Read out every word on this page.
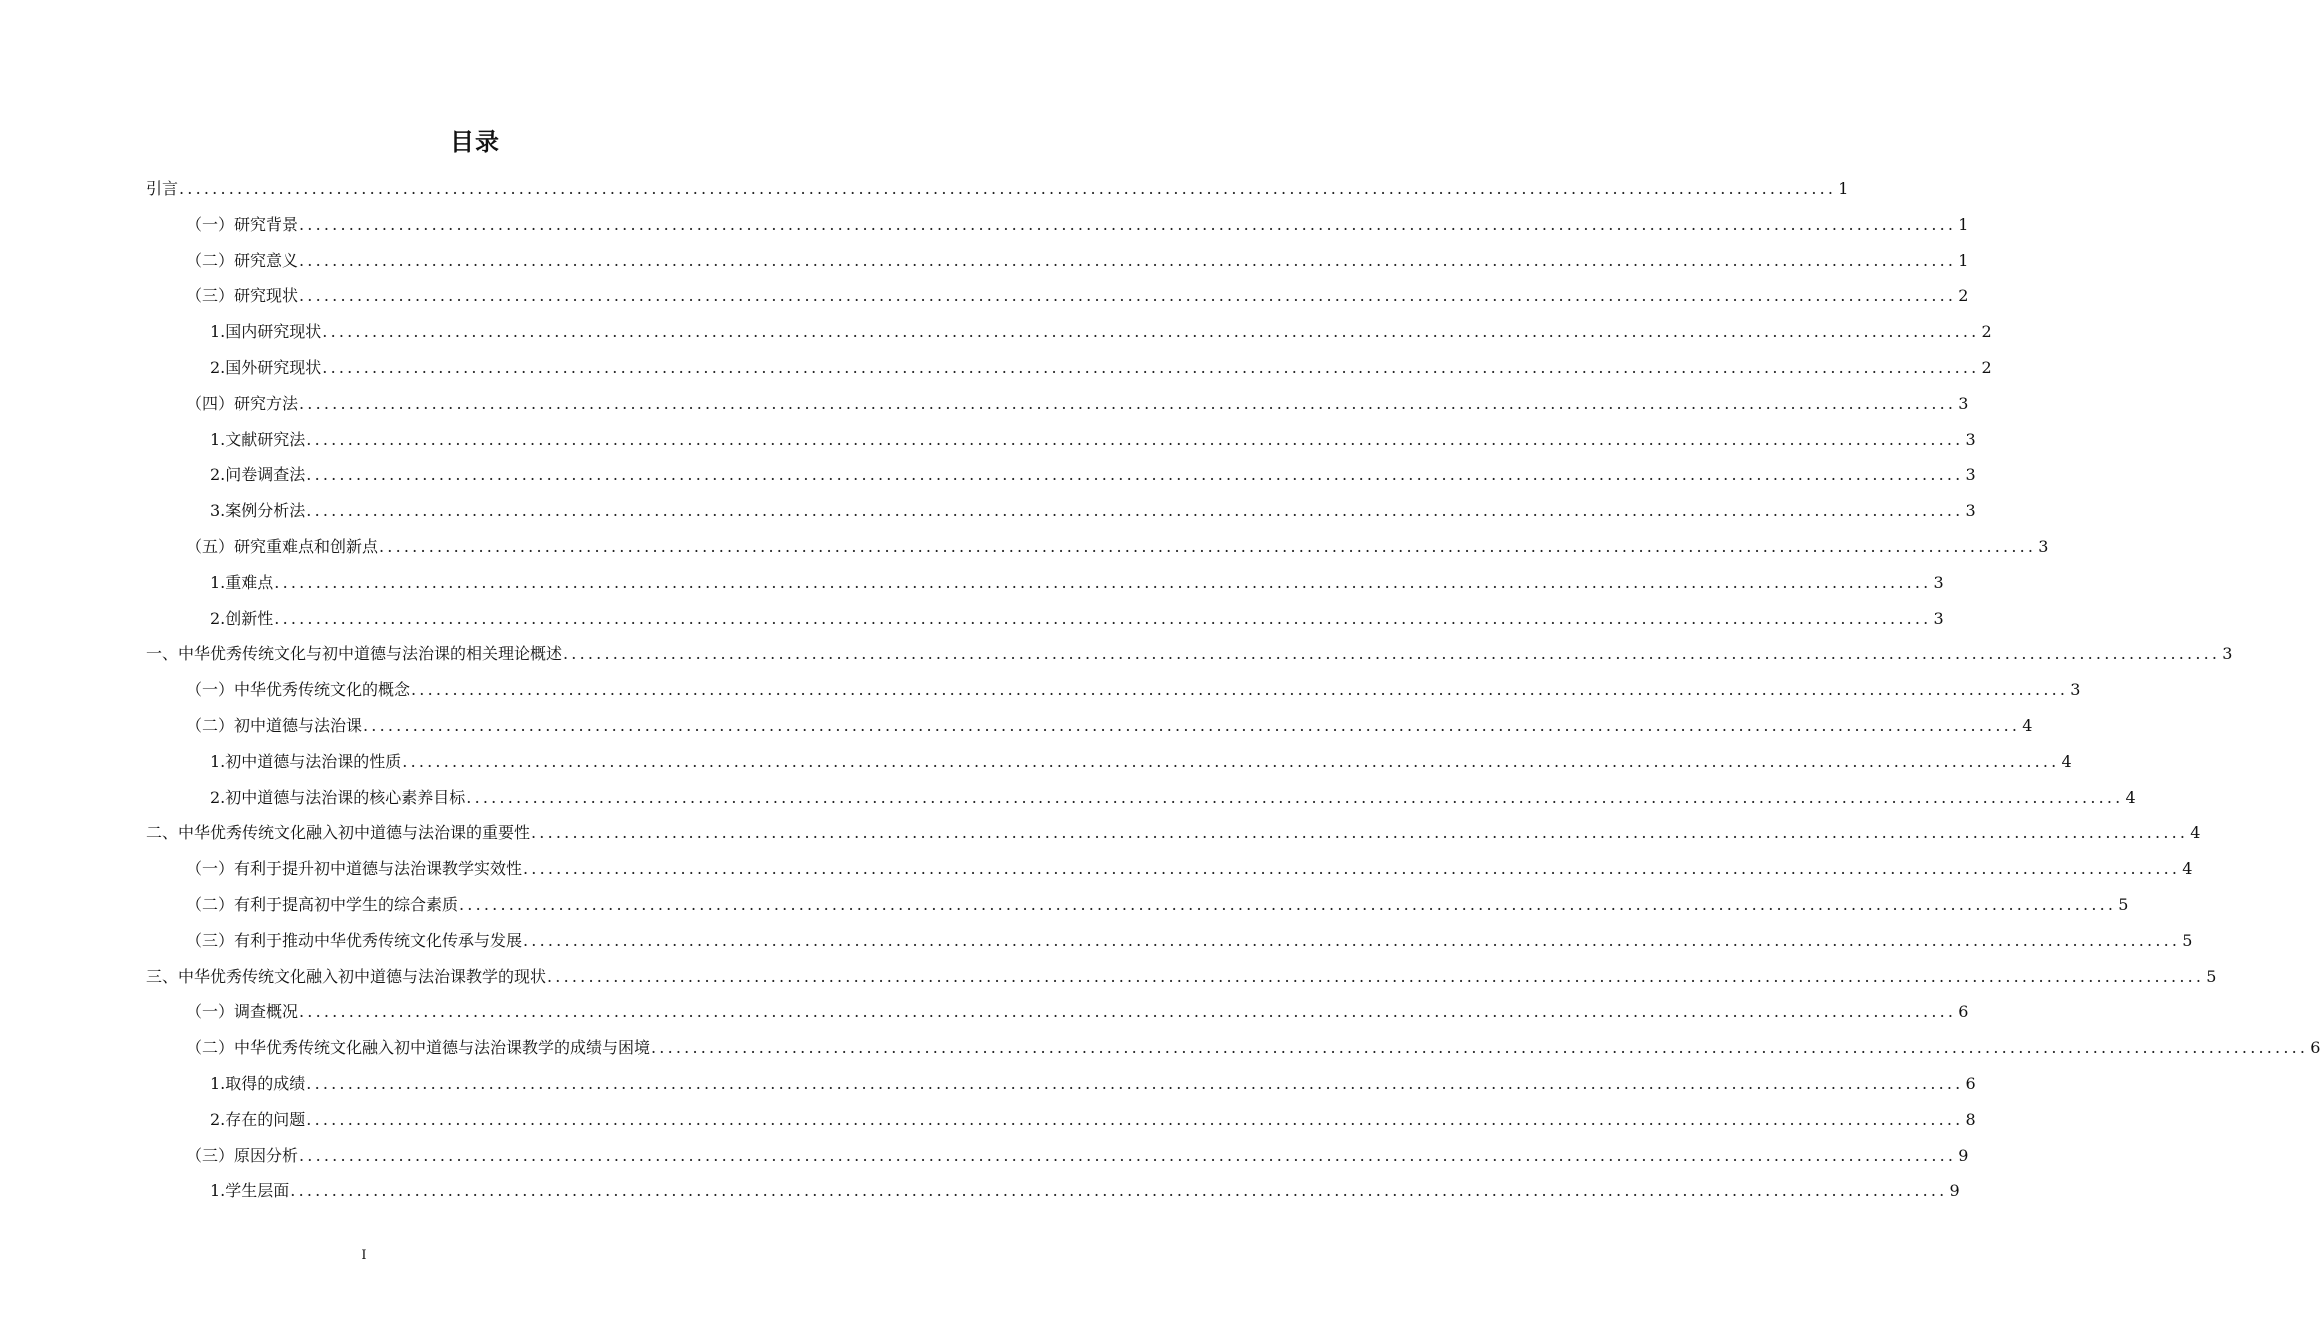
目录
引言 ........................................................................................................................................................................................................ 1
（一）研究背景 ........................................................................................................................................................................................................ 1
（二）研究意义 ........................................................................................................................................................................................................ 1
（三）研究现状 ........................................................................................................................................................................................................ 2
1.国内研究现状 ........................................................................................................................................................................................................ 2
2.国外研究现状 ........................................................................................................................................................................................................ 2
（四）研究方法 ........................................................................................................................................................................................................ 3
1.文献研究法 ........................................................................................................................................................................................................ 3
2.问卷调查法 ........................................................................................................................................................................................................ 3
3.案例分析法 ........................................................................................................................................................................................................ 3
（五）研究重难点和创新点 ........................................................................................................................................................................................................ 3
1.重难点 ........................................................................................................................................................................................................ 3
2.创新性 ........................................................................................................................................................................................................ 3
一、中华优秀传统文化与初中道德与法治课的相关理论概述 ........................................................................................................................................................................................................ 3
（一）中华优秀传统文化的概念 ........................................................................................................................................................................................................ 3
（二）初中道德与法治课 ........................................................................................................................................................................................................ 4
1.初中道德与法治课的性质 ........................................................................................................................................................................................................ 4
2.初中道德与法治课的核心素养目标 ........................................................................................................................................................................................................ 4
二、中华优秀传统文化融入初中道德与法治课的重要性 ........................................................................................................................................................................................................ 4
（一）有利于提升初中道德与法治课教学实效性 ........................................................................................................................................................................................................ 4
（二）有利于提高初中学生的综合素质 ........................................................................................................................................................................................................ 5
（三）有利于推动中华优秀传统文化传承与发展 ........................................................................................................................................................................................................ 5
三、中华优秀传统文化融入初中道德与法治课教学的现状 ........................................................................................................................................................................................................ 5
（一）调查概况 ........................................................................................................................................................................................................ 6
（二）中华优秀传统文化融入初中道德与法治课教学的成绩与困境 ........................................................................................................................................................................................................ 6
1.取得的成绩 ........................................................................................................................................................................................................ 6
2.存在的问题 ........................................................................................................................................................................................................ 8
（三）原因分析 ........................................................................................................................................................................................................ 9
1.学生层面 ........................................................................................................................................................................................................ 9
I
